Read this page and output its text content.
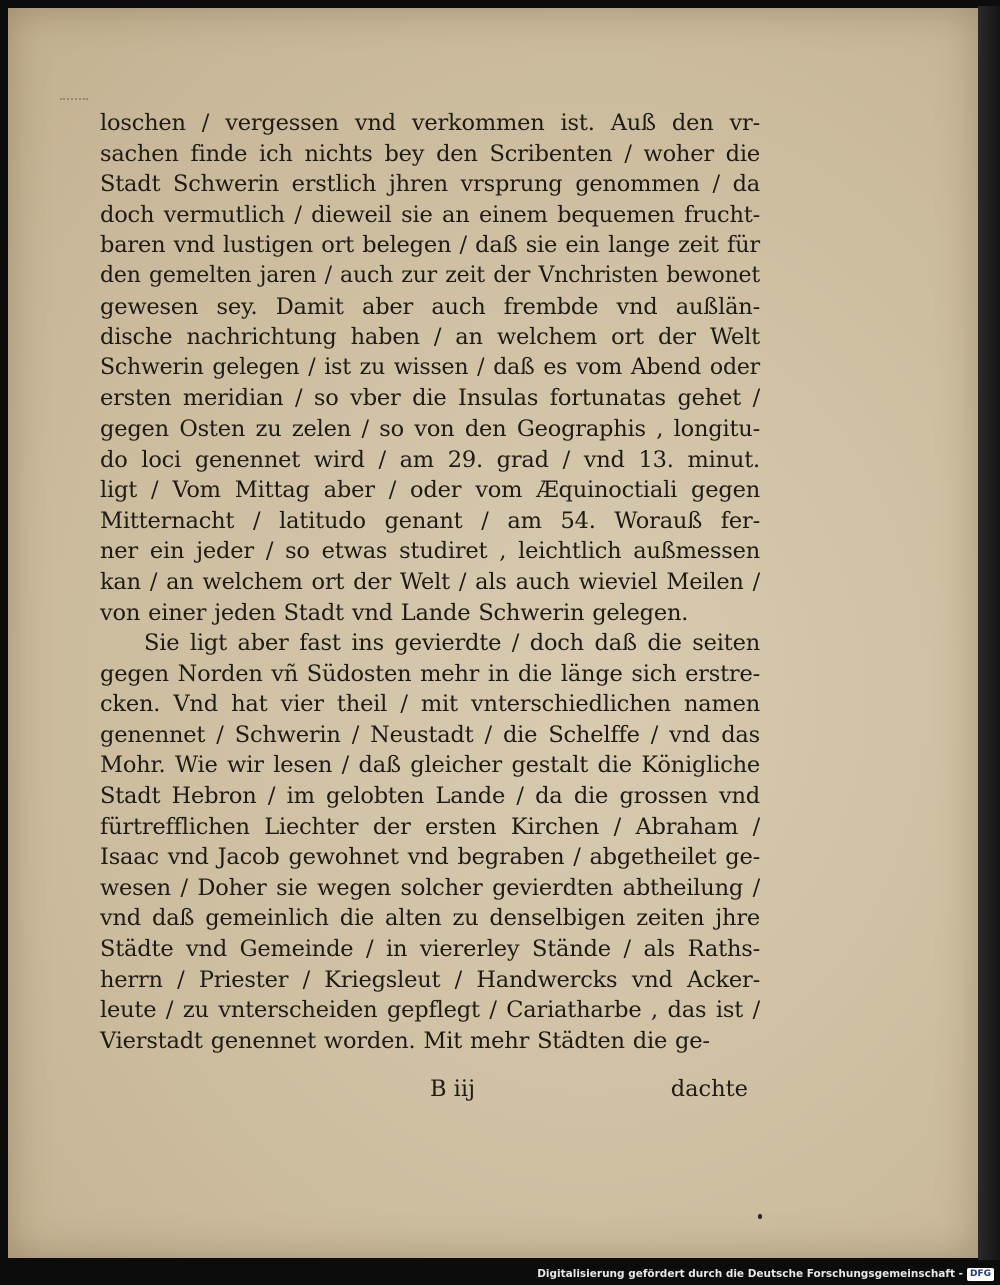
loschen / vergessen vnd verkommen ist. Auß den vr-
sachen finde ich nichts bey den Scribenten / woher die
Stadt Schwerin erstlich jhren vrsprung genommen / da
doch vermutlich / dieweil sie an einem bequemen frucht-
baren vnd lustigen ort belegen / daß sie ein lange zeit für
den gemelten jaren / auch zur zeit der Vnchristen bewonet
gewesen sey. Damit aber auch frembde vnd außlän-
dische nachrichtung haben / an welchem ort der Welt
Schwerin gelegen / ist zu wissen / daß es vom Abend oder
ersten meridian / so vber die Insulas fortunatas gehet /
gegen Osten zu zelen / so von den Geographis , longitu-
do loci genennet wird / am 29. grad / vnd 13. minut.
ligt / Vom Mittag aber / oder vom Æquinoctiali gegen
Mitternacht / latitudo genant / am 54. Worauß fer-
ner ein jeder / so etwas studiret , leichtlich außmessen
kan / an welchem ort der Welt / als auch wieviel Meilen /
von einer jeden Stadt vnd Lande Schwerin gelegen.
Sie ligt aber fast ins gevierdte / doch daß die seiten
gegen Norden vñ Südosten mehr in die länge sich erstre-
cken. Vnd hat vier theil / mit vnterschiedlichen namen
genennet / Schwerin / Neustadt / die Schelffe / vnd das
Mohr. Wie wir lesen / daß gleicher gestalt die Königliche
Stadt Hebron / im gelobten Lande / da die grossen vnd
fürtrefflichen Liechter der ersten Kirchen / Abraham /
Isaac vnd Jacob gewohnet vnd begraben / abgetheilet ge-
wesen / Doher sie wegen solcher gevierdten abtheilung /
vnd daß gemeinlich die alten zu denselbigen zeiten jhre
Städte vnd Gemeinde / in viererley Stände / als Raths-
herrn / Priester / Kriegsleut / Handwercks vnd Acker-
leute / zu vnterscheiden gepflegt / Cariatharbe , das ist /
Vierstadt genennet worden. Mit mehr Städten die ge-
B iij	dachte
Digitalisierung gefördert durch die Deutsche Forschungsgemeinschaft - DFG
